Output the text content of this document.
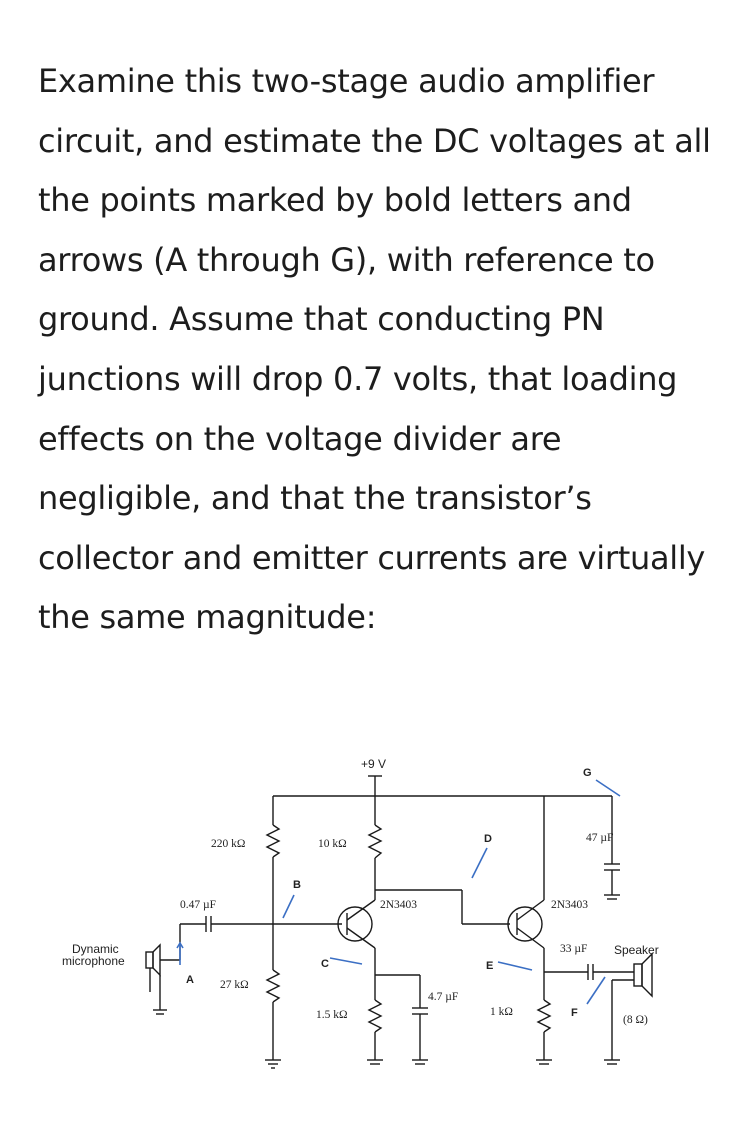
Examine this two-stage audio amplifier circuit, and estimate the DC voltages at all the points marked by bold letters and arrows (A through G), with reference to ground. Assume that conducting PN junctions will drop 0.7 volts, that loading effects on the voltage divider are negligible, and that the transistor’s collector and emitter currents are virtually the same magnitude:

+9 V
220 kΩ
27 kΩ
Dynamic
microphone
0.47 µF	2N3403
10 kΩ
1.5 kΩ
4.7 µF
2N3403
1 kΩ
47 µF
33 µF Speaker
(8 Ω)
A
B
C
D
E
F
G
